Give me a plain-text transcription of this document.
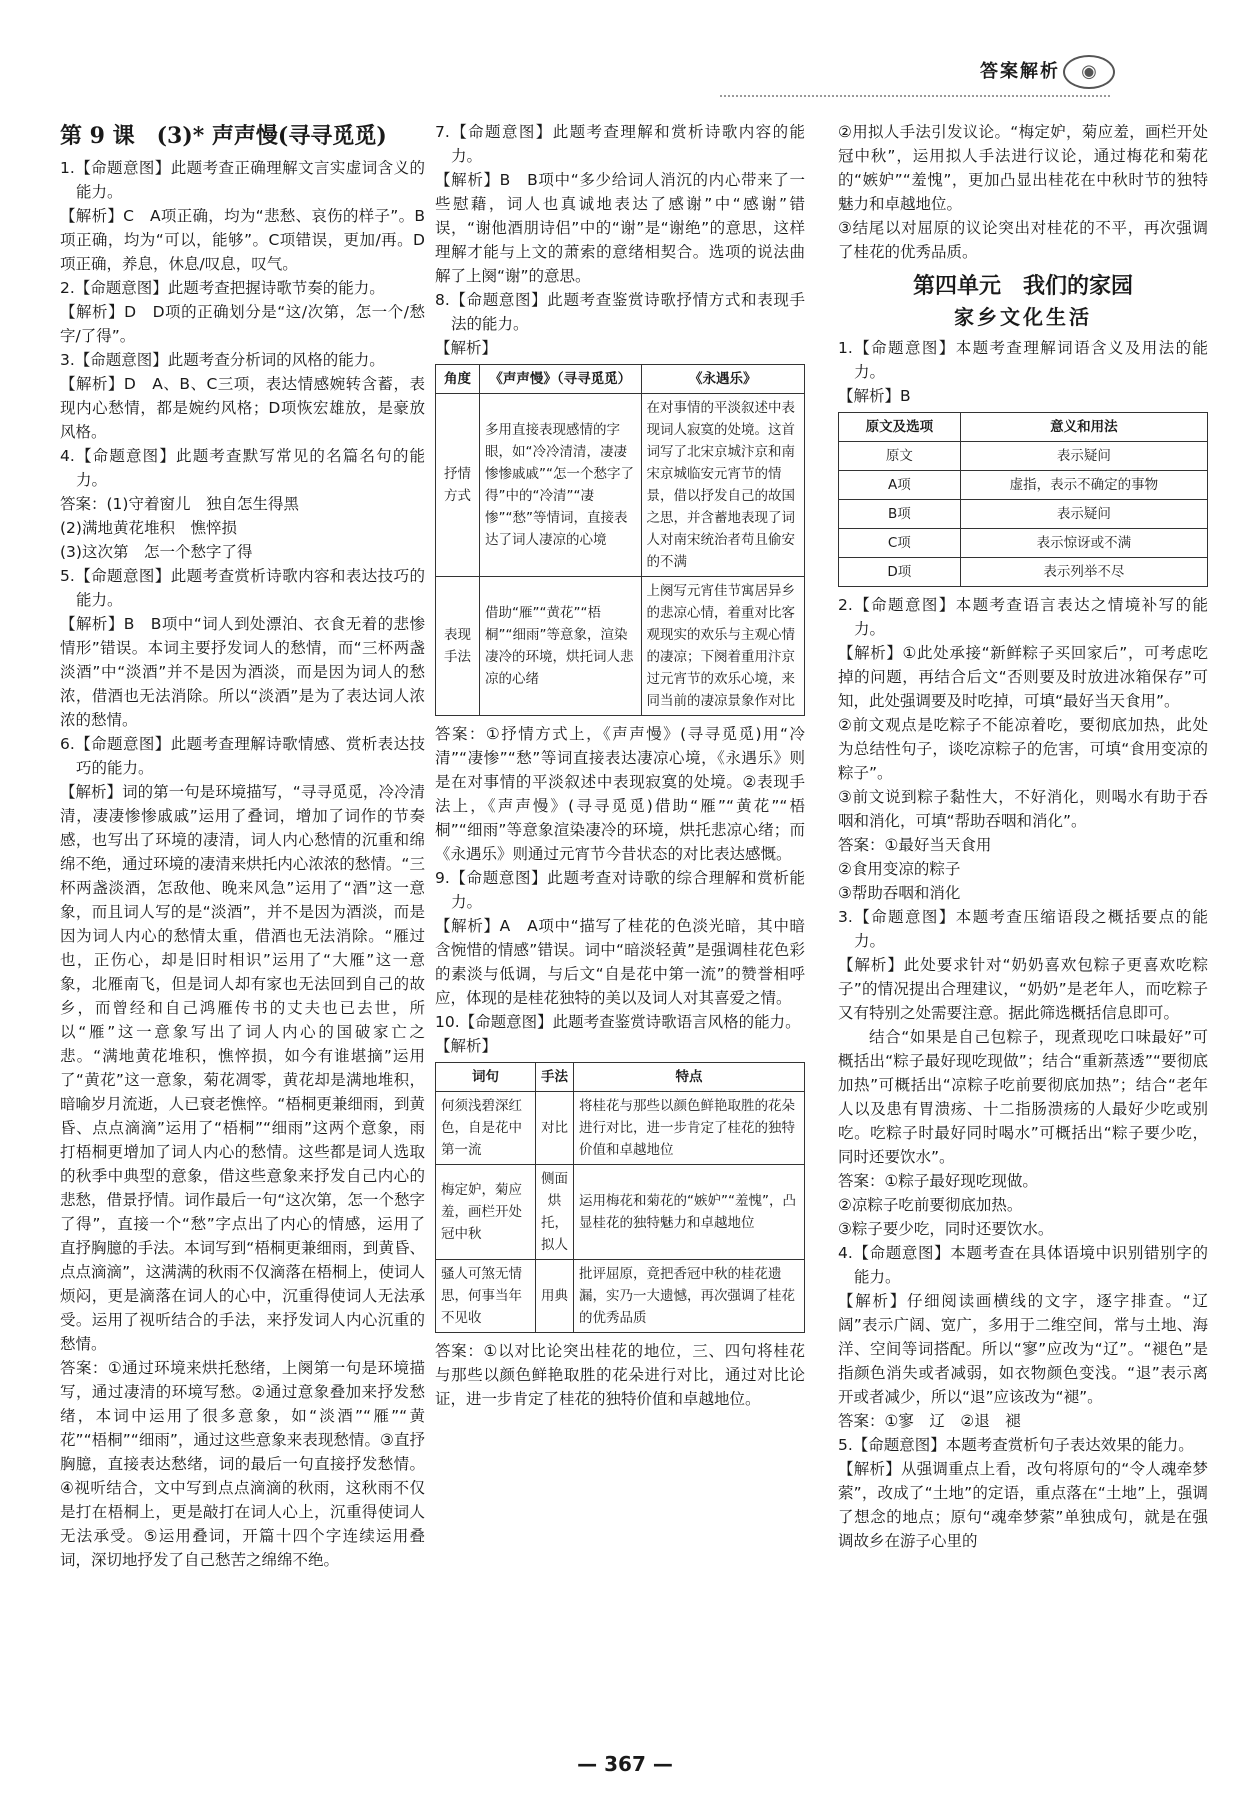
答案解析	◉
第 9 课　(3)* 声声慢(寻寻觅觅)

1.【命题意图】此题考查正确理解文言实虚词含义的能力。

【解析】C　A项正确，均为“悲愁、哀伤的样子”。B项正确，均为“可以，能够”。C项错误，更加/再。D项正确，养息，休息/叹息，叹气。

2.【命题意图】此题考查把握诗歌节奏的能力。

【解析】D　D项的正确划分是“这/次第，怎一个/愁字/了得”。

3.【命题意图】此题考查分析词的风格的能力。

【解析】D　A、B、C三项，表达情感婉转含蓄，表现内心愁情，都是婉约风格；D项恢宏雄放，是豪放风格。

4.【命题意图】此题考查默写常见的名篇名句的能力。

答案：(1)守着窗儿　独自怎生得黑

(2)满地黄花堆积　憔悴损

(3)这次第　怎一个愁字了得

5.【命题意图】此题考查赏析诗歌内容和表达技巧的能力。

【解析】B　B项中“词人到处漂泊、衣食无着的悲惨情形”错误。本词主要抒发词人的愁情，而“三杯两盏淡酒”中“淡酒”并不是因为酒淡，而是因为词人的愁浓，借酒也无法消除。所以“淡酒”是为了表达词人浓浓的愁情。

6.【命题意图】此题考查理解诗歌情感、赏析表达技巧的能力。

【解析】词的第一句是环境描写，“寻寻觅觅，冷冷清清，凄凄惨惨戚戚”运用了叠词，增加了词作的节奏感，也写出了环境的凄清，词人内心愁情的沉重和绵绵不绝，通过环境的凄清来烘托内心浓浓的愁情。“三杯两盏淡酒，怎敌他、晚来风急”运用了“酒”这一意象，而且词人写的是“淡酒”，并不是因为酒淡，而是因为词人内心的愁情太重，借酒也无法消除。“雁过也，正伤心，却是旧时相识”运用了“大雁”这一意象，北雁南飞，但是词人却有家也无法回到自己的故乡，而曾经和自己鸿雁传书的丈夫也已去世，所以“雁”这一意象写出了词人内心的国破家亡之悲。“满地黄花堆积，憔悴损，如今有谁堪摘”运用了“黄花”这一意象，菊花凋零，黄花却是满地堆积，暗喻岁月流逝，人已衰老憔悴。“梧桐更兼细雨，到黄昏、点点滴滴”运用了“梧桐”“细雨”这两个意象，雨打梧桐更增加了词人内心的愁情。这些都是词人选取的秋季中典型的意象，借这些意象来抒发自己内心的悲愁，借景抒情。词作最后一句“这次第，怎一个愁字了得”，直接一个“愁”字点出了内心的情感，运用了直抒胸臆的手法。本词写到“梧桐更兼细雨，到黄昏、点点滴滴”，这满满的秋雨不仅滴落在梧桐上，使词人烦闷，更是滴落在词人的心中，沉重得使词人无法承受。运用了视听结合的手法，来抒发词人内心沉重的愁情。

答案：①通过环境来烘托愁绪，上阕第一句是环境描写，通过凄清的环境写愁。②通过意象叠加来抒发愁绪，本词中运用了很多意象，如“淡酒”“雁”“黄花”“梧桐”“细雨”，通过这些意象来表现愁情。③直抒胸臆，直接表达愁绪，词的最后一句直接抒发愁情。④视听结合，文中写到点点滴滴的秋雨，这秋雨不仅是打在梧桐上，更是敲打在词人心上，沉重得使词人无法承受。⑤运用叠词，开篇十四个字连续运用叠词，深切地抒发了自己愁苦之绵绵不绝。

7.【命题意图】此题考查理解和赏析诗歌内容的能力。

【解析】B　B项中“多少给词人消沉的内心带来了一些慰藉，词人也真诚地表达了感谢”中“感谢”错误，“谢他酒朋诗侣”中的“谢”是“谢绝”的意思，这样理解才能与上文的萧索的意绪相契合。选项的说法曲解了上阕“谢”的意思。

8.【命题意图】此题考查鉴赏诗歌抒情方式和表现手法的能力。

【解析】

角度	《声声慢》（寻寻觅觅）	《永遇乐》
抒情方式	多用直接表现感情的字眼，如“冷冷清清，凄凄惨惨戚戚”“怎一个愁字了得”中的“冷清”“凄惨”“愁”等情词，直接表达了词人凄凉的心境	在对事情的平淡叙述中表现词人寂寞的处境。这首词写了北宋京城汴京和南宋京城临安元宵节的情景，借以抒发自己的故国之思，并含蓄地表现了词人对南宋统治者苟且偷安的不满
表现手法	借助“雁”“黄花”“梧桐”“细雨”等意象，渲染凄冷的环境，烘托词人悲凉的心绪	上阕写元宵佳节寓居异乡的悲凉心情，着重对比客观现实的欢乐与主观心情的凄凉；下阕着重用汴京过元宵节的欢乐心境，来同当前的凄凉景象作对比

答案：①抒情方式上，《声声慢》(寻寻觅觅)用“冷清”“凄惨”“愁”等词直接表达凄凉心境，《永遇乐》则是在对事情的平淡叙述中表现寂寞的处境。②表现手法上，《声声慢》(寻寻觅觅)借助“雁”“黄花”“梧桐”“细雨”等意象渲染凄冷的环境，烘托悲凉心绪；而《永遇乐》则通过元宵节今昔状态的对比表达感慨。

9.【命题意图】此题考查对诗歌的综合理解和赏析能力。

【解析】A　A项中“描写了桂花的色淡光暗，其中暗含惋惜的情感”错误。词中“暗淡轻黄”是强调桂花色彩的素淡与低调，与后文“自是花中第一流”的赞誉相呼应，体现的是桂花独特的美以及词人对其喜爱之情。

10.【命题意图】此题考查鉴赏诗歌语言风格的能力。

【解析】

词句	手法	特点
何须浅碧深红色，自是花中第一流	对比	将桂花与那些以颜色鲜艳取胜的花朵进行对比，进一步肯定了桂花的独特价值和卓越地位
梅定妒，菊应羞，画栏开处冠中秋	侧面烘托，拟人	运用梅花和菊花的“嫉妒”“羞愧”，凸显桂花的独特魅力和卓越地位
骚人可煞无情思，何事当年不见收	用典	批评屈原，竟把香冠中秋的桂花遗漏，实乃一大遗憾，再次强调了桂花的优秀品质

答案：①以对比论突出桂花的地位，三、四句将桂花与那些以颜色鲜艳取胜的花朵进行对比，通过对比论证，进一步肯定了桂花的独特价值和卓越地位。

②用拟人手法引发议论。“梅定妒，菊应羞，画栏开处冠中秋”，运用拟人手法进行议论，通过梅花和菊花的“嫉妒”“羞愧”，更加凸显出桂花在中秋时节的独特魅力和卓越地位。

③结尾以对屈原的议论突出对桂花的不平，再次强调了桂花的优秀品质。

第四单元　我们的家园
家乡文化生活

1.【命题意图】本题考查理解词语含义及用法的能力。

【解析】B

原文及选项	意义和用法
原文	表示疑问
A项	虚指，表示不确定的事物
B项	表示疑问
C项	表示惊讶或不满
D项	表示列举不尽

2.【命题意图】本题考查语言表达之情境补写的能力。

【解析】①此处承接“新鲜粽子买回家后”，可考虑吃掉的问题，再结合后文“否则要及时放进冰箱保存”可知，此处强调要及时吃掉，可填“最好当天食用”。

②前文观点是吃粽子不能凉着吃，要彻底加热，此处为总结性句子，谈吃凉粽子的危害，可填“食用变凉的粽子”。

③前文说到粽子黏性大，不好消化，则喝水有助于吞咽和消化，可填“帮助吞咽和消化”。

答案：①最好当天食用

②食用变凉的粽子

③帮助吞咽和消化

3.【命题意图】本题考查压缩语段之概括要点的能力。

【解析】此处要求针对“奶奶喜欢包粽子更喜欢吃粽子”的情况提出合理建议，“奶奶”是老年人，而吃粽子又有特别之处需要注意。据此筛选概括信息即可。

结合“如果是自己包粽子，现煮现吃口味最好”可概括出“粽子最好现吃现做”；结合“重新蒸透”“要彻底加热”可概括出“凉粽子吃前要彻底加热”；结合“老年人以及患有胃溃疡、十二指肠溃疡的人最好少吃或别吃。吃粽子时最好同时喝水”可概括出“粽子要少吃，同时还要饮水”。

答案：①粽子最好现吃现做。

②凉粽子吃前要彻底加热。

③粽子要少吃，同时还要饮水。

4.【命题意图】本题考查在具体语境中识别错别字的能力。

【解析】仔细阅读画横线的文字，逐字排查。“辽阔”表示广阔、宽广，多用于二维空间，常与土地、海洋、空间等词搭配。所以“寥”应改为“辽”。“褪色”是指颜色消失或者减弱，如衣物颜色变浅。“退”表示离开或者减少，所以“退”应该改为“褪”。

答案：①寥　辽　②退　褪

5.【命题意图】本题考查赏析句子表达效果的能力。

【解析】从强调重点上看，改句将原句的“令人魂牵梦萦”，改成了“土地”的定语，重点落在“土地”上，强调了想念的地点；原句“魂牵梦萦”单独成句，就是在强调故乡在游子心里的

— 367 —
